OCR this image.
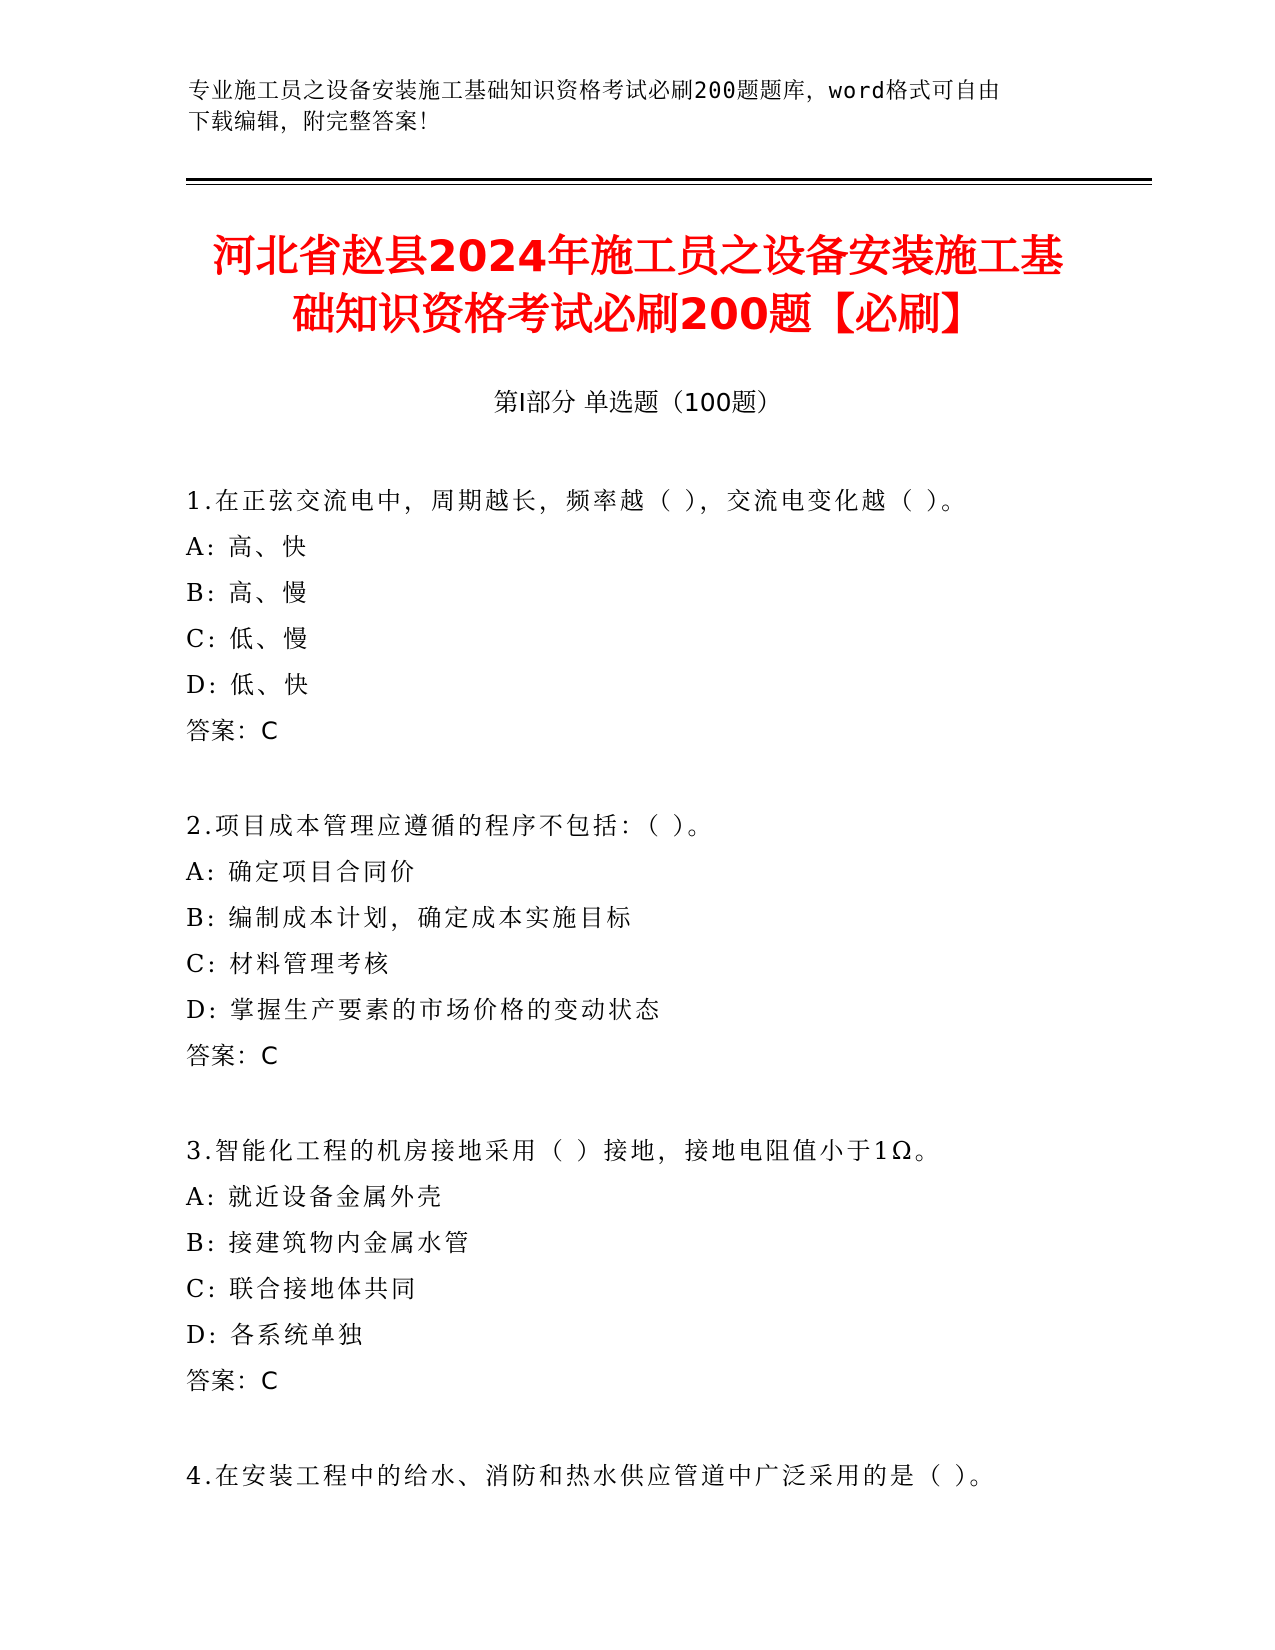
专业施工员之设备安装施工基础知识资格考试必刷200题题库，word格式可自由
下载编辑，附完整答案！
河北省赵县2024年施工员之设备安装施工基
础知识资格考试必刷200题【必刷】
第Ⅰ部分 单选题（100题）
1.在正弦交流电中，周期越长，频率越（ ），交流电变化越（ ）。
A: 高、快
B: 高、慢
C: 低、慢
D: 低、快
答案：C
2.项目成本管理应遵循的程序不包括：（ ）。
A: 确定项目合同价
B: 编制成本计划，确定成本实施目标
C: 材料管理考核
D: 掌握生产要素的市场价格的变动状态
答案：C
3.智能化工程的机房接地采用（ ）接地，接地电阻值小于1Ω。
A: 就近设备金属外壳
B: 接建筑物内金属水管
C: 联合接地体共同
D: 各系统单独
答案：C
4.在安装工程中的给水、消防和热水供应管道中广泛采用的是（ ）。
